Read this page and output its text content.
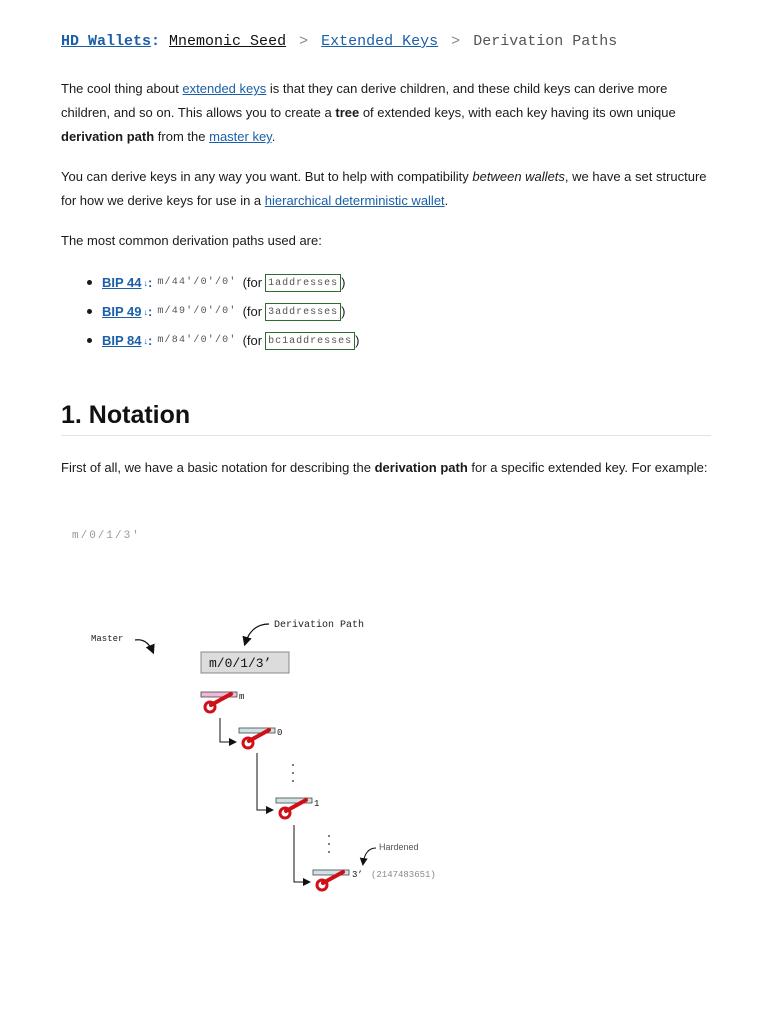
HD Wallets: Mnemonic Seed > Extended Keys > Derivation Paths

The cool thing about extended keys is that they can derive children, and these child keys can derive more children, and so on. This allows you to create a tree of extended keys, with each key having its own unique derivation path from the master key.

You can derive keys in any way you want. But to help with compatibility between wallets, we have a set structure for how we derive keys for use in a hierarchical deterministic wallet.

The most common derivation paths used are:

BIP 44 ↓ : m/44'/0'/0' (for 1addresses )
BIP 49 ↓ : m/49'/0'/0' (for 3addresses )
BIP 84 ↓ : m/84'/0'/0' (for bc1addresses )
1. Notation

First of all, we have a basic notation for describing the derivation path for a specific extended key. For example:

m/0/1/3'
Master
Derivation Path
m/0/1/3’
m
0
1
Hardened
3’ (2147483651)
